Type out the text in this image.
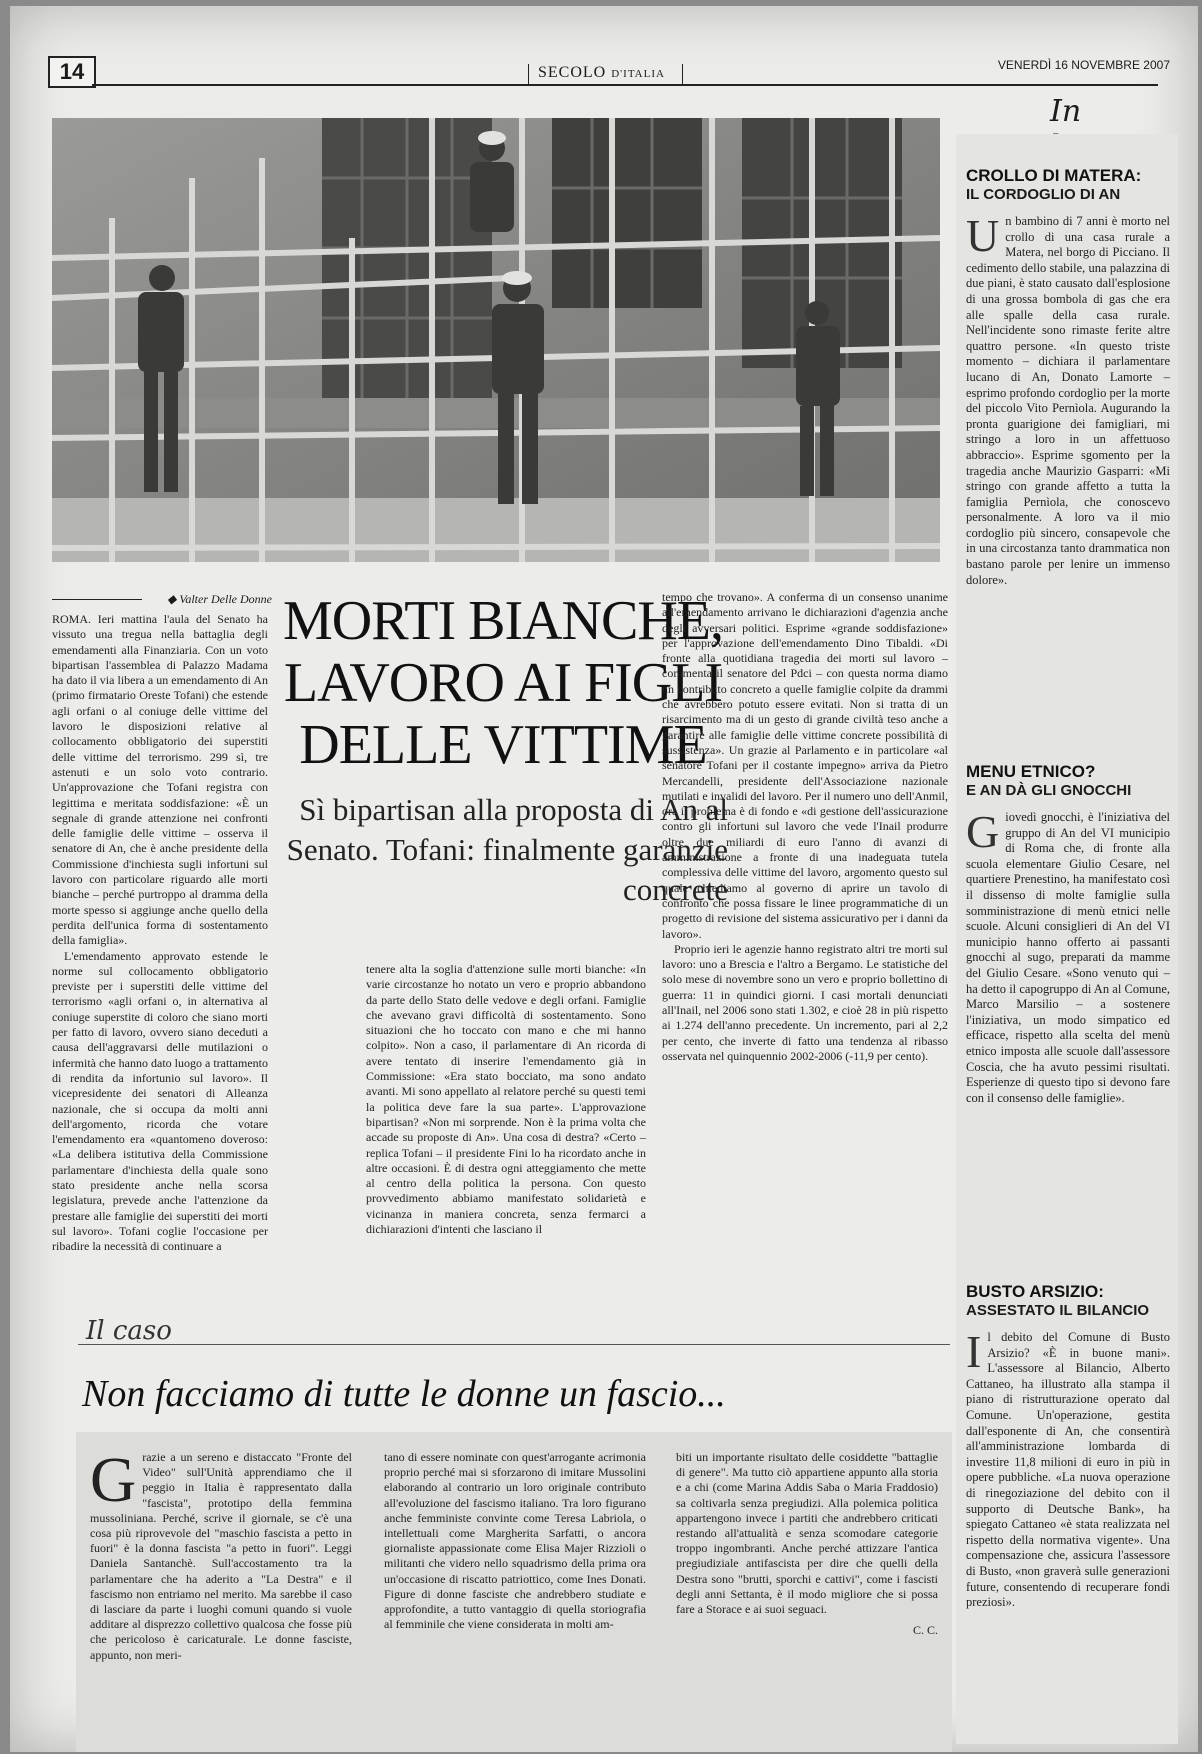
14	SECOLO D'ITALIA
VENERDÌ 16 NOVEMBRE 2007
In
CROLLO DI MATERA:
IL CORDOGLIO DI AN
Un bambino di 7 anni è morto nel crollo di una casa rurale a Matera, nel borgo di Picciano. Il cedimento dello stabile, una palazzina di due piani, è stato causato dall'esplosione di una grossa bombola di gas che era alle spalle della casa rurale. Nell'incidente sono rimaste ferite altre quattro persone. «In questo triste momento – dichiara il parlamentare lucano di An, Donato Lamorte – esprimo profondo cordoglio per la morte del piccolo Vito Pernìola. Augurando la pronta guarigione dei famigliari, mi stringo a loro in un affettuoso abbraccio». Esprime sgomento per la tragedia anche Maurizio Gasparri: «Mi stringo con grande affetto a tutta la famiglia Pernìola, che conoscevo personalmente. A loro va il mio cordoglio più sincero, consapevole che in una circostanza tanto drammatica non bastano parole per lenire un immenso dolore».
MENU ETNICO?
E AN DÀ GLI GNOCCHI
Giovedì gnocchi, è l'iniziativa del gruppo di An del VI municipio di Roma che, di fronte alla scuola elementare Giulio Cesare, nel quartiere Prenestino, ha manifestato così il dissenso di molte famiglie sulla somministrazione di menù etnici nelle scuole. Alcuni consiglieri di An del VI municipio hanno offerto ai passanti gnocchi al sugo, preparati da mamme del Giulio Cesare. «Sono venuto qui – ha detto il capogruppo di An al Comune, Marco Marsilio – a sostenere l'iniziativa, un modo simpatico ed efficace, rispetto alla scelta del menù etnico imposta alle scuole dall'assessore Coscia, che ha avuto pessimi risultati. Esperienze di questo tipo si devono fare con il consenso delle famiglie».
BUSTO ARSIZIO:
ASSESTATO IL BILANCIO
Il debito del Comune di Busto Arsizio? «È in buone mani». L'assessore al Bilancio, Alberto Cattaneo, ha illustrato alla stampa il piano di ristrutturazione operato dal Comune. Un'operazione, gestita dall'esponente di An, che consentirà all'amministrazione lombarda di investire 11,8 milioni di euro in più in opere pubbliche. «La nuova operazione di rinegoziazione del debito con il supporto di Deutsche Bank», ha spiegato Cattaneo «è stata realizzata nel rispetto della normativa vigente». Una compensazione che, assicura l'assessore di Busto, «non graverà sulle generazioni future, consentendo di recuperare fondi preziosi».
◆ Valter Delle Donne MORTI BIANCHE,
LAVORO AI FIGLI
DELLE VITTIME
Sì bipartisan alla proposta di An al Senato. Tofani: finalmente garanzie concrete
ROMA. Ieri mattina l'aula del Senato ha vissuto una tregua nella battaglia degli emendamenti alla Finanziaria. Con un voto bipartisan l'assemblea di Palazzo Madama ha dato il via libera a un emendamento di An (primo firmatario Oreste Tofani) che estende agli orfani o al coniuge delle vittime del lavoro le disposizioni relative al collocamento obbligatorio dei superstiti delle vittime del terrorismo. 299 sì, tre astenuti e un solo voto contrario. Un'approvazione che Tofani registra con legittima e meritata soddisfazione: «È un segnale di grande attenzione nei confronti delle famiglie delle vittime – osserva il senatore di An, che è anche presidente della Commissione d'inchiesta sugli infortuni sul lavoro con particolare riguardo alle morti bianche – perché purtroppo al dramma della morte spesso si aggiunge anche quello della perdita dell'unica forma di sostentamento della famiglia».
L'emendamento approvato estende le norme sul collocamento obbligatorio previste per i superstiti delle vittime del terrorismo «agli orfani o, in alternativa al coniuge superstite di coloro che siano morti per fatto di lavoro, ovvero siano deceduti a causa dell'aggravarsi delle mutilazioni o infermità che hanno dato luogo a trattamento di rendita da infortunio sul lavoro». Il vicepresidente dei senatori di Alleanza nazionale, che si occupa da molti anni dell'argomento, ricorda che votare l'emendamento era «quantomeno doveroso: «La delibera istitutiva della Commissione parlamentare d'inchiesta della quale sono stato presidente anche nella scorsa legislatura, prevede anche l'attenzione da prestare alle famiglie dei superstiti dei morti sul lavoro». Tofani coglie l'occasione per ribadire la necessità di continuare a
tenere alta la soglia d'attenzione sulle morti bianche: «In varie circostanze ho notato un vero e proprio abbandono da parte dello Stato delle vedove e degli orfani. Famiglie che avevano gravi difficoltà di sostentamento. Sono situazioni che ho toccato con mano e che mi hanno colpito». Non a caso, il parlamentare di An ricorda di avere tentato di inserire l'emendamento già in Commissione: «Era stato bocciato, ma sono andato avanti. Mi sono appellato al relatore perché su questi temi la politica deve fare la sua parte». L'approvazione bipartisan? «Non mi sorprende. Non è la prima volta che accade su proposte di An». Una cosa di destra? «Certo – replica Tofani – il presidente Fini lo ha ricordato anche in altre occasioni. È di destra ogni atteggiamento che mette al centro della politica la persona. Con questo provvedimento abbiamo manifestato solidarietà e vicinanza in maniera concreta, senza fermarci a dichiarazioni d'intenti che lasciano il
tempo che trovano». A conferma di un consenso unanime all'emendamento arrivano le dichiarazioni d'agenzia anche degli avversari politici. Esprime «grande soddisfazione» per l'approvazione dell'emendamento Dino Tibaldi. «Di fronte alla quotidiana tragedia dei morti sul lavoro – commenta il senatore del Pdci – con questa norma diamo un contributo concreto a quelle famiglie colpite da drammi che avrebbero potuto essere evitati. Non si tratta di un risarcimento ma di un gesto di grande civiltà teso anche a garantire alle famiglie delle vittime concrete possibilità di sussistenza». Un grazie al Parlamento e in particolare «al senatore Tofani per il costante impegno» arriva da Pietro Mercandelli, presidente dell'Associazione nazionale mutilati e invalidi del lavoro. Per il numero uno dell'Anmil, ora il problema è di fondo e «di gestione dell'assicurazione contro gli infortuni sul lavoro che vede l'Inail produrre oltre due miliardi di euro l'anno di avanzi di amministrazione a fronte di una inadeguata tutela complessiva delle vittime del lavoro, argomento questo sul quale chiediamo al governo di aprire un tavolo di confronto che possa fissare le linee programmatiche di un progetto di revisione del sistema assicurativo per i danni da lavoro».
Proprio ieri le agenzie hanno registrato altri tre morti sul lavoro: uno a Brescia e l'altro a Bergamo. Le statistiche del solo mese di novembre sono un vero e proprio bollettino di guerra: 11 in quindici giorni. I casi mortali denunciati all'Inail, nel 2006 sono stati 1.302, e cioè 28 in più rispetto ai 1.274 dell'anno precedente. Un incremento, pari al 2,2 per cento, che inverte di fatto una tendenza al ribasso osservata nel quinquennio 2002-2006 (-11,9 per cento).
Il caso
Non facciamo di tutte le donne un fascio...
Grazie a un sereno e distaccato "Fronte del Video" sull'Unità apprendiamo che il peggio in Italia è rappresentato dalla "fascista", prototipo della femmina mussoliniana. Perché, scrive il giornale, se c'è una cosa più riprovevole del "maschio fascista a petto in fuori" è la donna fascista "a petto in fuori". Leggi Daniela Santanchè. Sull'accostamento tra la parlamentare che ha aderito a "La Destra" e il fascismo non entriamo nel merito. Ma sarebbe il caso di lasciare da parte i luoghi comuni quando si vuole additare al disprezzo collettivo qualcosa che fosse più che pericoloso è caricaturale. Le donne fasciste, appunto, non meri-
tano di essere nominate con quest'arrogante acrimonia proprio perché mai si sforzarono di imitare Mussolini elaborando al contrario un loro originale contributo all'evoluzione del fascismo italiano. Tra loro figurano anche femministe convinte come Teresa Labriola, o intellettuali come Margherita Sarfatti, o ancora giornaliste appassionate come Elisa Majer Rizzioli o militanti che videro nello squadrismo della prima ora un'occasione di riscatto patriottico, come Ines Donati. Figure di donne fasciste che andrebbero studiate e approfondite, a tutto vantaggio di quella storiografia al femminile che viene considerata in molti am-
biti un importante risultato delle cosiddette "battaglie di genere". Ma tutto ciò appartiene appunto alla storia e a chi (come Marina Addis Saba o Maria Fraddosio) sa coltivarla senza pregiudizi. Alla polemica politica appartengono invece i partiti che andrebbero criticati restando all'attualità e senza scomodare categorie troppo ingombranti. Anche perché attizzare l'antica pregiudiziale antifascista per dire che quelli della Destra sono "brutti, sporchi e cattivi", come i fascisti degli anni Settanta, è il modo migliore che si possa fare a Storace e ai suoi seguaci.
C. C.
